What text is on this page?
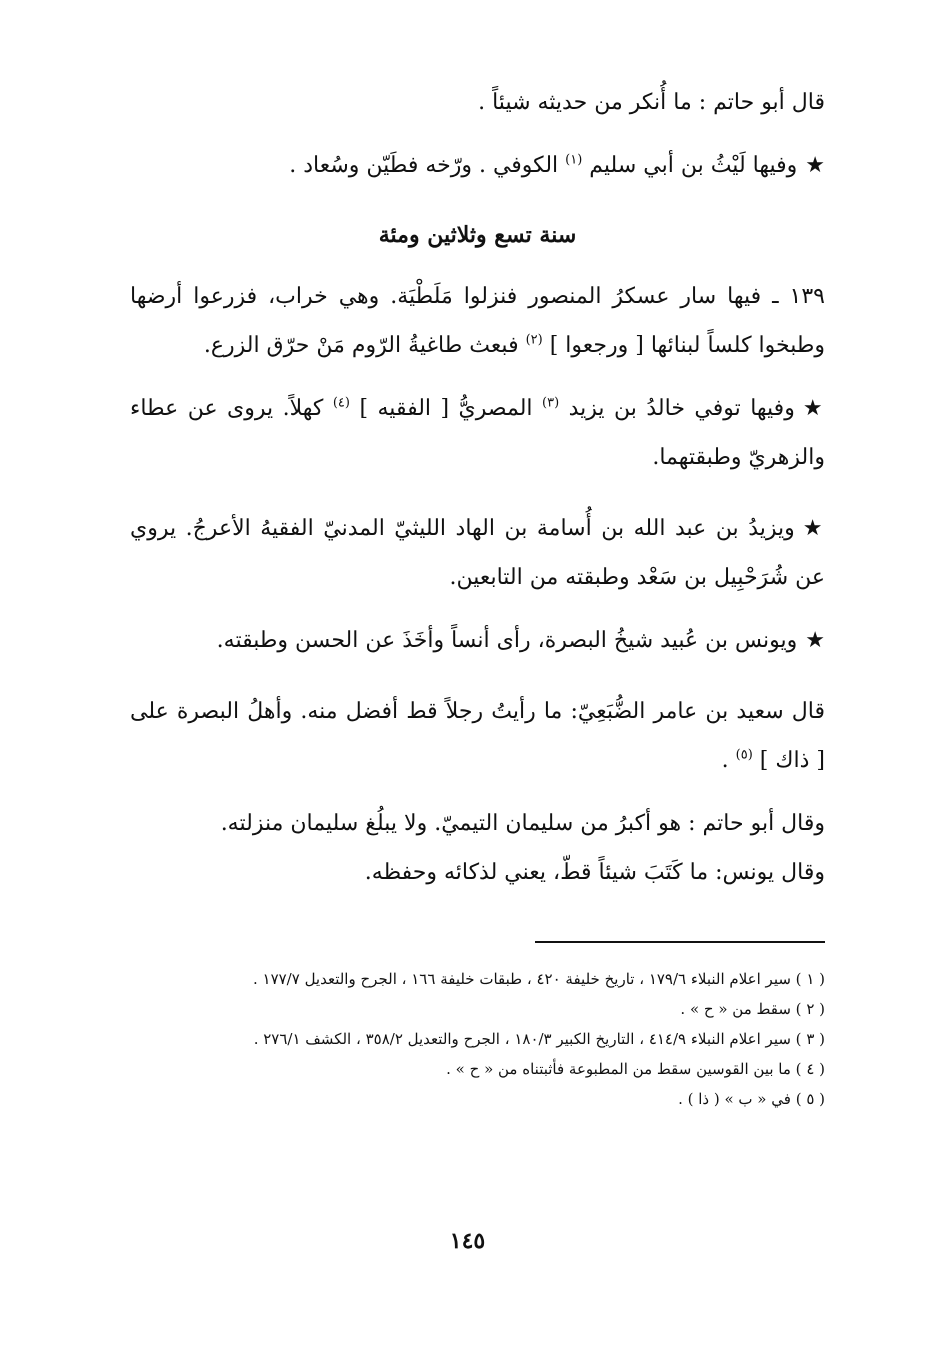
قال أبو حاتم : ما أُنكر من حديثه شيئاً .

★وفيها لَيْثُ بن أبي سليم $^{(١)}$ الكوفي . ورّخه فطَيّن وسُعاد .

سنة تسع وثلاثين ومئة

١٣٩ ـ فيها سار عسكرُ المنصور فنزلوا مَلَطْيَة. وهي خراب، فزرعوا أرضها وطبخوا كلساً لبنائها [ ورجعوا ] $^{(٢)}$ فبعث طاغيةُ الرّوم مَنْ حرّق الزرع.

★وفيها توفي خالدُ بن يزيد $^{(٣)}$ المصريُّ [ الفقيه ] $^{(٤)}$ كهلاً. يروى عن عطاء والزهريّ وطبقتهما.

★ويزيدُ بن عبد الله بن أُسامة بن الهاد الليثيّ المدنيّ الفقيهُ الأعرجُ. يروي عن شُرَحْبِيل بن سَعْد وطبقته من التابعين.

★ويونس بن عُبيد شيخُ البصرة، رأى أنساً وأخَذَ عن الحسن وطبقته.

قال سعيد بن عامر الضُّبَعِيّ: ما رأيتُ رجلاً قط أفضل منه. وأهلُ البصرة على [ ذاك ] $^{(٥)}$ .

وقال أبو حاتم : هو أكبرُ من سليمان التيميّ. ولا يبلُغ سليمان منزلته.

وقال يونس: ما كَتَبَ شيئاً قطّ، يعني لذكائه وحفظه.

( ١ ) سير اعلام النبلاء ١٧٩/٦ ، تاريخ خليفة ٤٢٠ ، طبقات خليفة ١٦٦ ، الجرح والتعديل ١٧٧/٧ .

( ٢ ) سقط من « ح » .

( ٣ ) سير اعلام النبلاء ٤١٤/٩ ، التاريخ الكبير ١٨٠/٣ ، الجرح والتعديل ٣٥٨/٢ ، الكشف ٢٧٦/١ .

( ٤ ) ما بين القوسين سقط من المطبوعة فأثبتناه من « ح » .

( ٥ ) في « ب » ( ذا ) .

١٤٥
